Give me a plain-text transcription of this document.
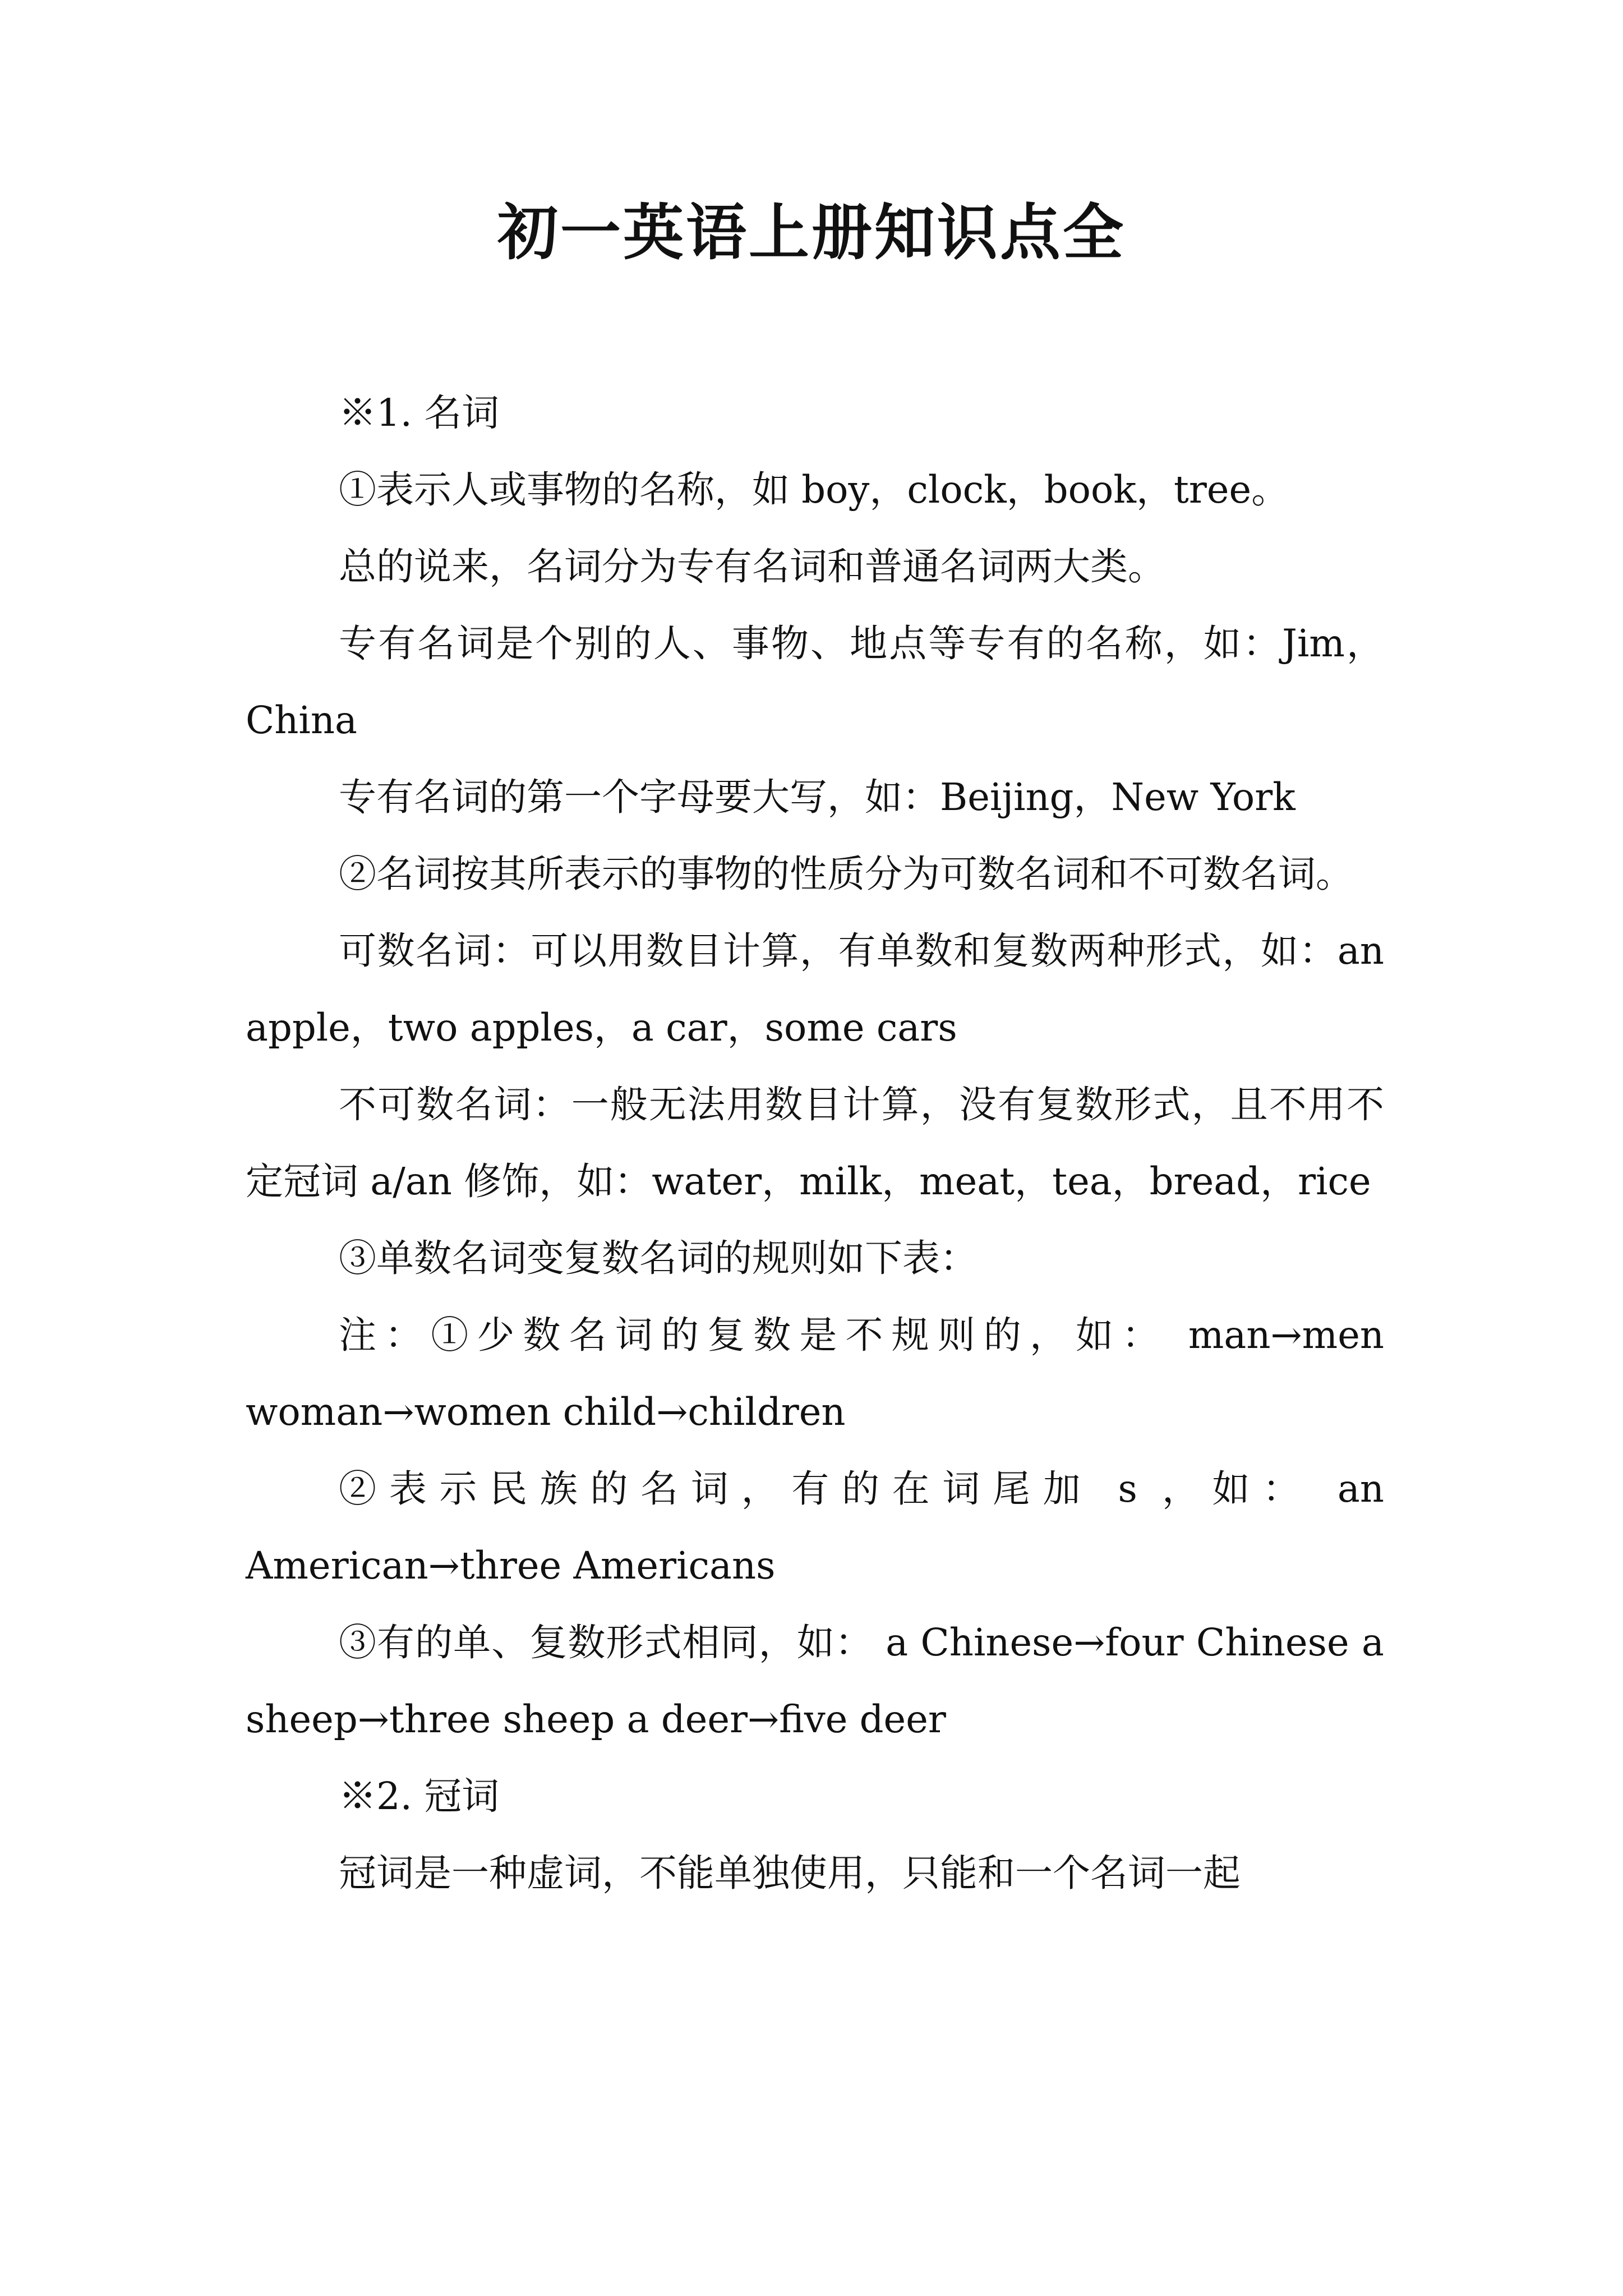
初一英语上册知识点全

※1. 名词

①表示人或事物的名称，如 boy，clock，book，tree。

总的说来，名词分为专有名词和普通名词两大类。

专有名词是个别的人、事物、地点等专有的名称，如：Jim，China

专有名词的第一个字母要大写，如：Beijing，New York

②名词按其所表示的事物的性质分为可数名词和不可数名词。

可数名词：可以用数目计算，有单数和复数两种形式，如：an apple，two apples，a car，some cars

不可数名词：一般无法用数目计算，没有复数形式，且不用不定冠词 a/an 修饰，如：water，milk，meat，tea，bread，rice

③单数名词变复数名词的规则如下表：

注：①少数名词的复数是不规则的，如： man→men woman→women child→children

②表示民族的名词，有的在词尾加 s ，如： an American→three Americans

③有的单、复数形式相同，如： a Chinese→four Chinese a sheep→three sheep a deer→five deer

※2. 冠词

冠词是一种虚词，不能单独使用，只能和一个名词一起
